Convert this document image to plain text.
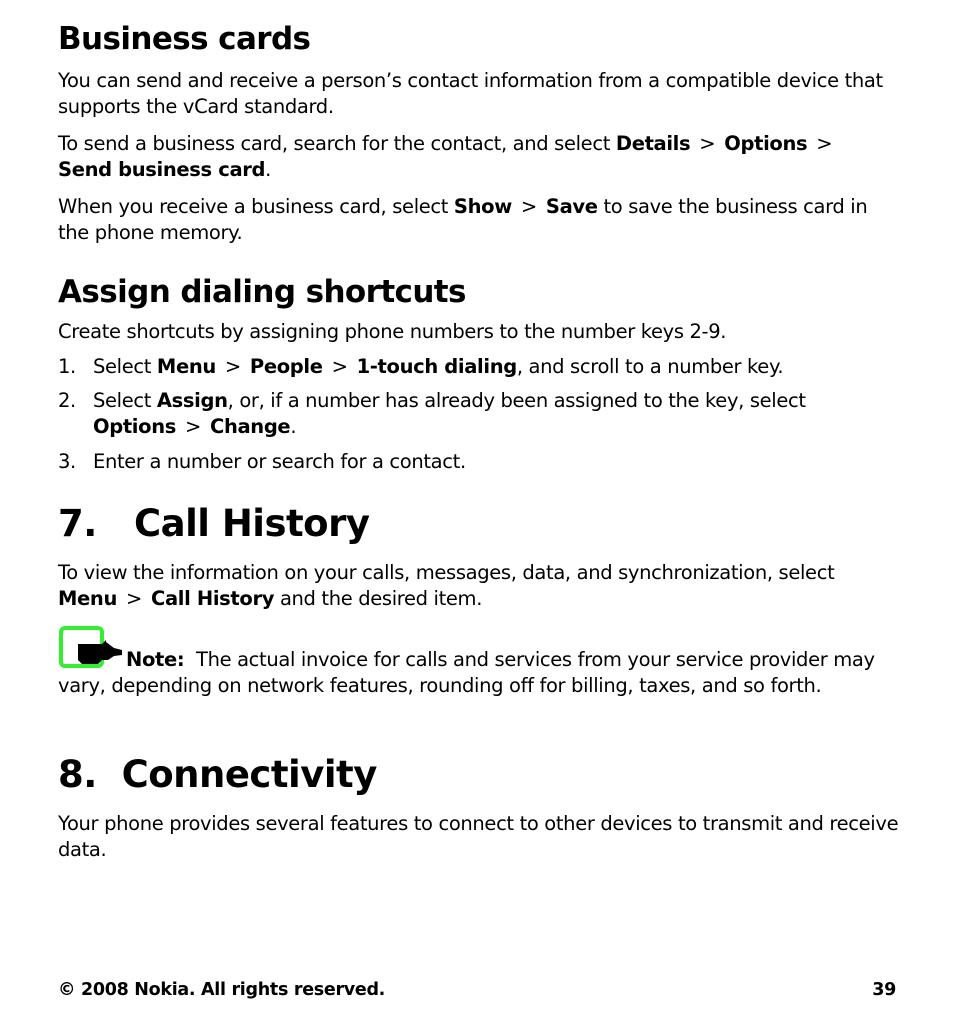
Business cards

You can send and receive a person’s contact information from a compatible device that supports the vCard standard.

To send a business card, search for the contact, and select Details > Options >
Send business card.

When you receive a business card, select Show > Save to save the business card in the phone memory.

Assign dialing shortcuts

Create shortcuts by assigning phone numbers to the number keys 2-9.

1. Select Menu > People > 1-touch dialing, and scroll to a number key.
2. Select Assign, or, if a number has already been assigned to the key, select
Options > Change.
3. Enter a number or search for a contact.
7.   Call History

To view the information on your calls, messages, data, and synchronization, select
Menu > Call History and the desired item.

Note: The actual invoice for calls and services from your service provider may vary, depending on network features, rounding off for billing, taxes, and so forth.

8.  Connectivity

Your phone provides several features to connect to other devices to transmit and receive data.

© 2008 Nokia. All rights reserved.	39
